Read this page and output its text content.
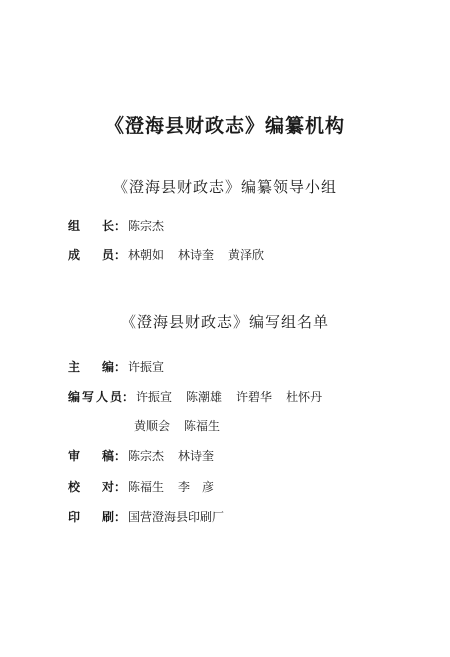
《澄海县财政志》编纂机构
《澄海县财政志》编纂领导小组
组长 ： 陈宗杰
成员 ： 林朝如 林诗奎 黄泽欣
《澄海县财政志》编写组名单
主编 ： 许振宣
编写人员 ： 许振宣 陈潮雄 许碧华 杜怀丹
黄顺会 陈福生
审稿 ： 陈宗杰 林诗奎
校对 ： 陈福生 李　彦
印刷 ： 国营澄海县印刷厂
